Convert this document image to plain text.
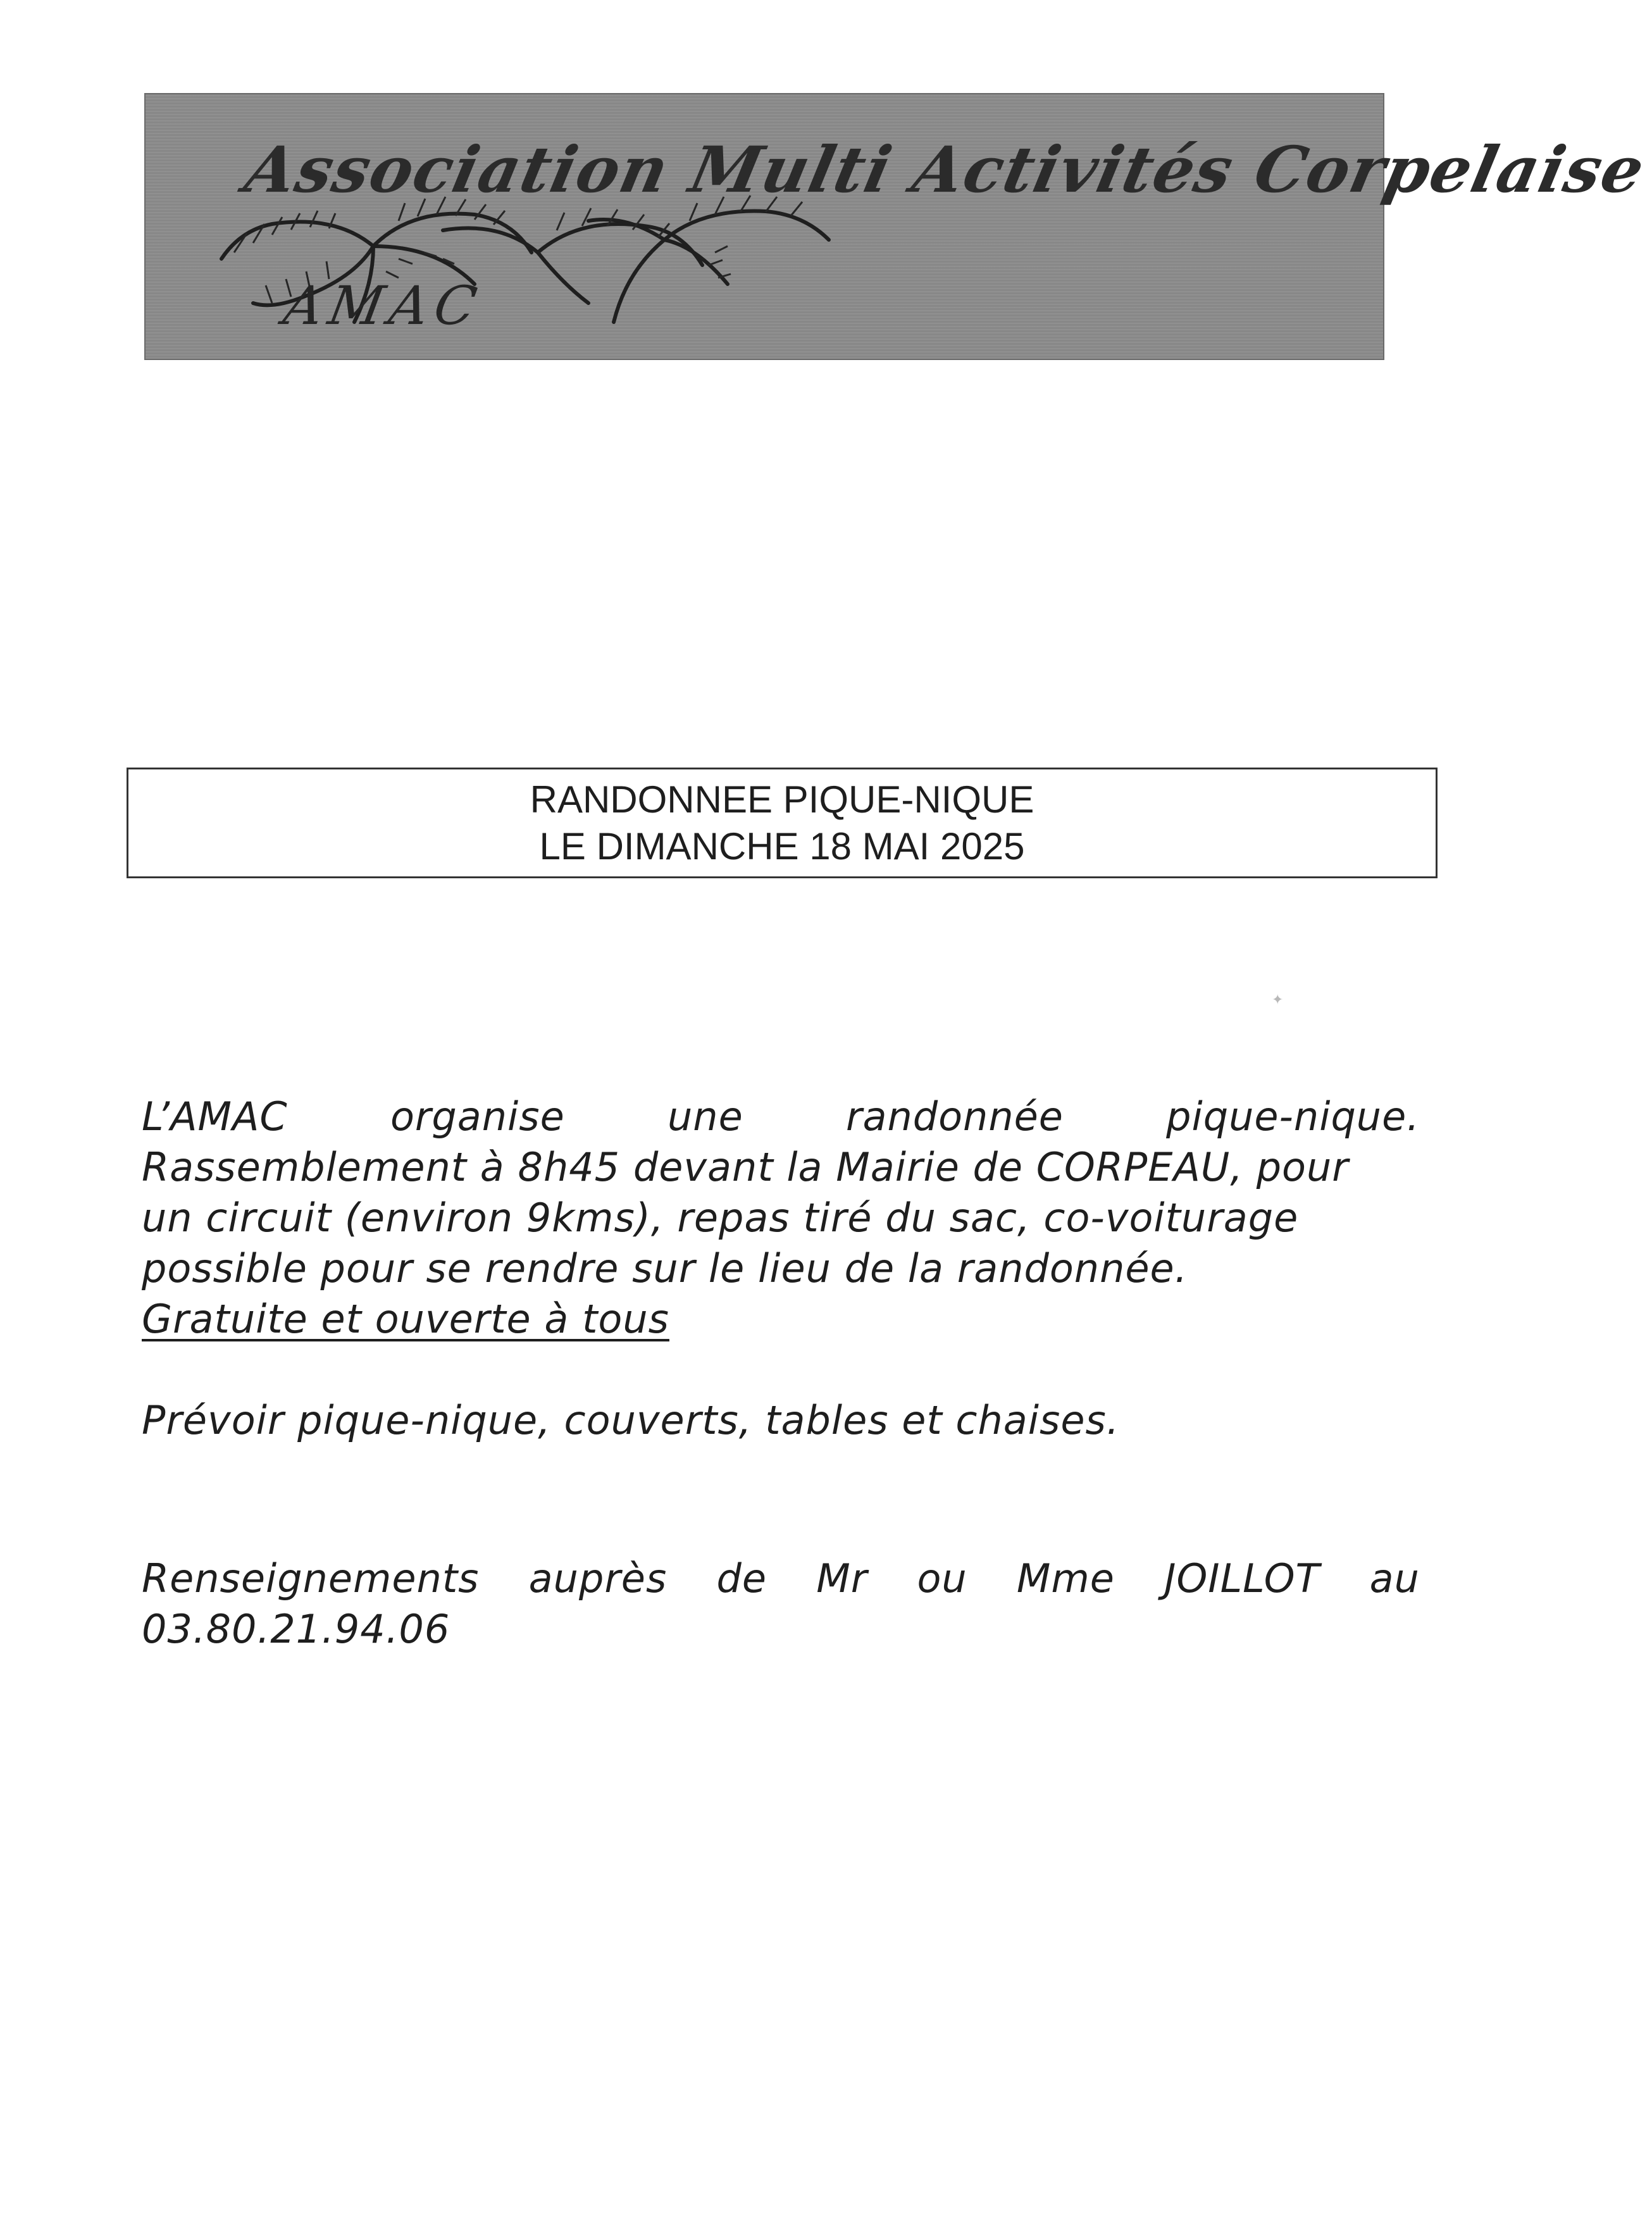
✦
Association Multi Activités Corpelaise
AMAC
RANDONNEE PIQUE-NIQUE
LE DIMANCHE 18 MAI 2025
L’AMAC	organise	une	randonnée	pique-nique.
Rassemblement à 8h45 devant la Mairie de CORPEAU, pour
un circuit (environ 9kms), repas tiré du sac, co-voiturage
possible pour se rendre sur le lieu de la randonnée.
Gratuite et ouverte à tous
Prévoir pique-nique, couverts, tables et chaises.
Renseignements auprès de Mr ou Mme JOILLOT au
03.80.21.94.06
